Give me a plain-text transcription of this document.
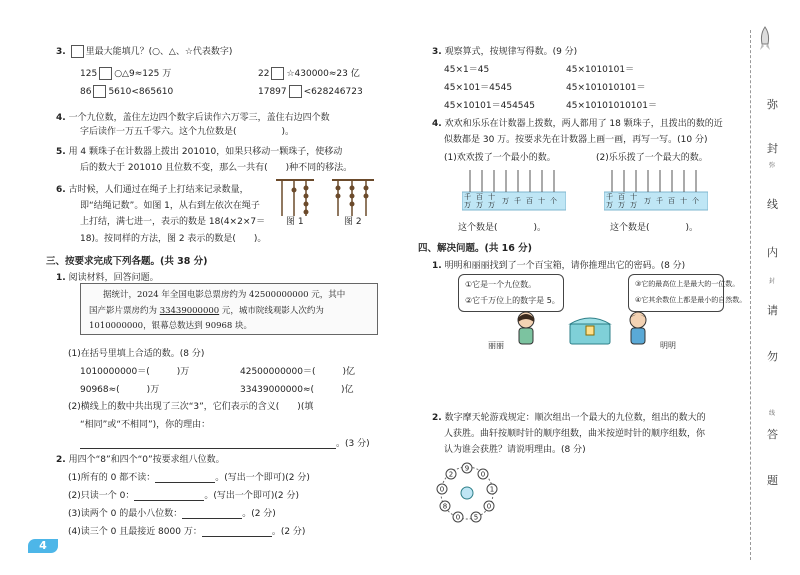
3. 里最大能填几？(○、△、☆代表数字)
125 ○△9≈125 万	22 ☆430000≈23 亿
86 5610<865610	17897 <628246723
4. 一个九位数，盖住左边四个数字后读作六万零三，盖住右边四个数
字后读作一万五千零六。这个九位数是(　　　　　)。
5. 用 4 颗珠子在计数器上拨出 201010，如果只移动一颗珠子，使移动
后的数大于 201010 且位数不变，那么一共有(　　)种不同的移法。
6. 古时候，人们通过在绳子上打结来记录数量，
即“结绳记数”。如图 1，从右到左依次在绳子
上打结，满七进一，表示的数是 18(4×2×7＝
18)。按同样的方法，图 2 表示的数是(　　)。
图 1	图 2
三、按要求完成下列各题。(共 38 分)
1. 阅读材料，回答问题。
据统计，2024 年全国电影总票房约为 42500000000 元，其中
国产影片票房约为 33439000000 元，城市院线观影人次约为
1010000000，银幕总数达到 90968 块。
(1)在括号里填上合适的数。(8 分)
1010000000＝(　　　)万	42500000000＝(　　　)亿
90968≈(　　　)万	33439000000≈(　　　)亿
(2)横线上的数中共出现了三次“3”，它们表示的含义(　　)(填
“相同”或“不相同”)，你的理由：
。(3 分)
2. 用四个“8”和四个“0”按要求组八位数。
(1)所有的 0 都不读：	。(写出一个即可)(2 分)
(2)只读一个 0：	。(写出一个即可)(2 分)
(3)读两个 0 的最小八位数：	。(2 分)
(4)读三个 0 且最接近 8000 万：	。(2 分)
4
3. 观察算式，按规律写得数。(9 分)
45×1＝45	45×1010101＝
45×101＝4545	45×101010101＝
45×10101＝454545	45×10101010101＝
4. 欢欢和乐乐在计数器上拨数，两人都用了 18 颗珠子，且拨出的数的近
似数都是 30 万。按要求先在计数器上画一画，再写一写。(10 分)
(1)欢欢拨了一个最小的数。	(2)乐乐拨了一个最大的数。
千万
百万
十万	万 千 百 十 个	千万
百万
十万	万 千 百 十 个
这个数是(　　　　)。	这个数是(　　　　)。
四、解决问题。(共 16 分)
1. 明明和丽丽找到了一个百宝箱，请你推理出它的密码。(8 分)
①它是一个九位数。
②它千万位上的数字是 5。
③它的最高位上是最大的一位数。
④它其余数位上都是最小的自然数。
丽丽	明明
2. 数字摩天轮游戏规定：顺次组出一个最大的九位数，组出的数大的
人获胜。曲轩按顺时针的顺序组数，曲米按逆时针的顺序组数，你
认为谁会获胜？请说明理由。(8 分)
9
0
1
0
5
0
8
0
2
弥
封
弥
线
内
封
请
勿
线
答
题
